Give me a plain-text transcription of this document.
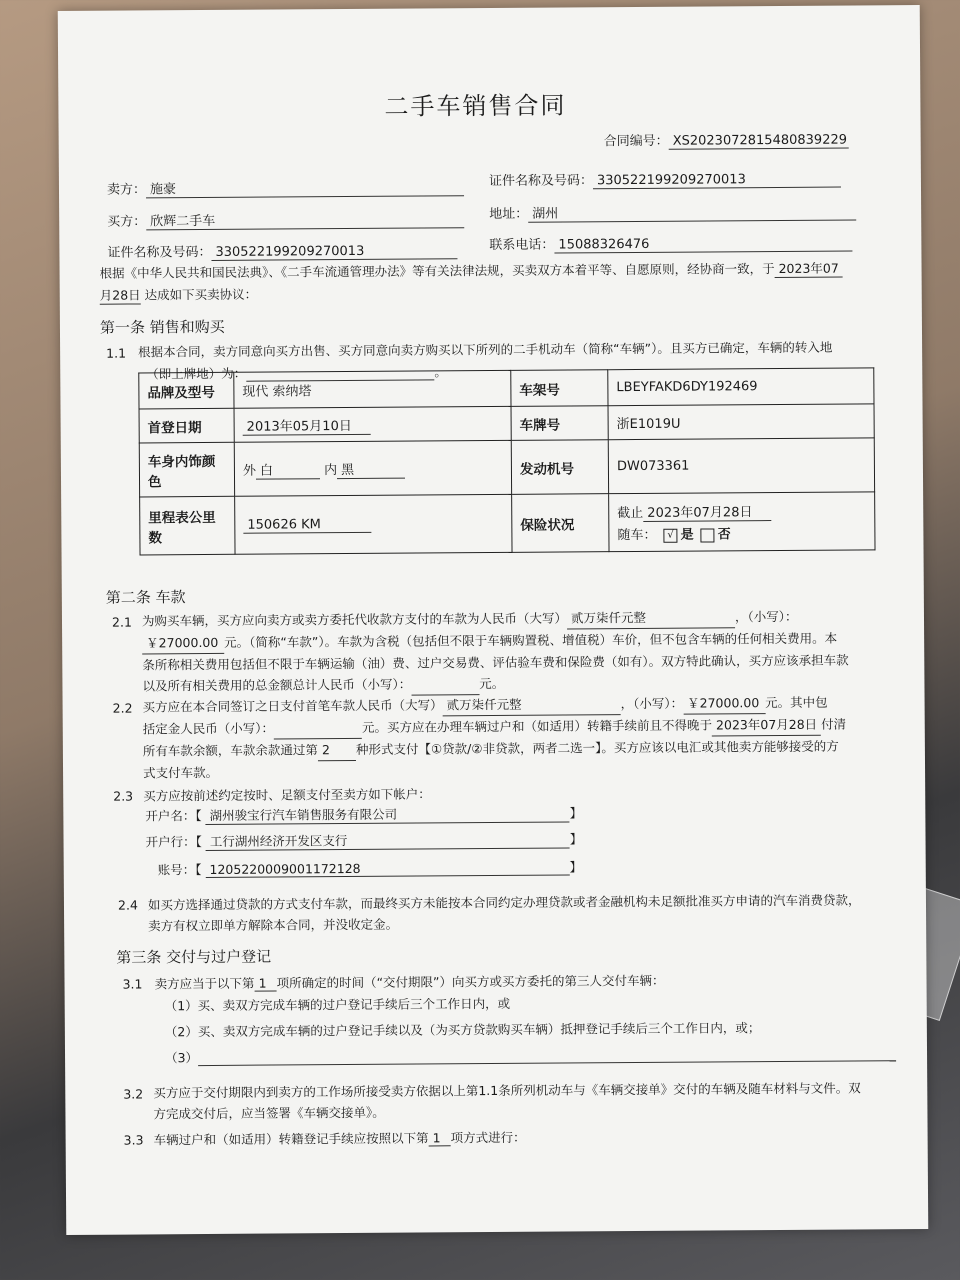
二手车销售合同
合同编号： XS2023072815480839229
卖方： 施豪
证件名称及号码： 330522199209270013
买方： 欣辉二手车	地址： 湖州
证件名称及号码： 330522199209270013	联系电话： 15088326476
根据《中华人民共和国民法典》、《二手车流通管理办法》等有关法律法规，买卖双方本着平等、自愿原则，经协商一致，于 2023年07
月28日 达成如下买卖协议：
第一条 销售和购买
1.1 根据本合同，卖方同意向买方出售、买方同意向卖方购买以下所列的二手机动车（简称“车辆”）。且买方已确定，车辆的转入地
（即上牌地）为：	。
品牌及型号	现代 索纳塔	车架号	LBEYFAKD6DY192469
首登日期	2013年05月10日	车牌号	浙E1019U
车身内饰颜色	外 白 内 黑	发动机号	DW073361
里程表公里数	150626 KM	保险状况	截止 2023年07月28日
随车： √ 是 否
第二条 车款
2.1 为购买车辆，买方应向卖方或卖方委托代收款方支付的车款为人民币（大写） 贰万柒仟元整	，（小写）：
￥27000.00 元。（简称“车款”）。车款为含税（包括但不限于车辆购置税、增值税）车价，但不包含车辆的任何相关费用。本
条所称相关费用包括但不限于车辆运输（油）费、过户交易费、评估验车费和保险费（如有）。双方特此确认，买方应该承担车款
以及所有相关费用的总金额总计人民币（小写）：	元。
2.2 买方应在本合同签订之日支付首笔车款人民币（大写） 贰万柒仟元整	，（小写）： ￥27000.00 元。其中包
括定金人民币（小写）：	元。买方应在办理车辆过户和（如适用）转籍手续前且不得晚于 2023年07月28日 付清
所有车款余额，车款余款通过第 2 种形式支付【①贷款/②非贷款，两者二选一】。买方应该以电汇或其他卖方能够接受的方
式支付车款。
2.3 买方应按前述约定按时、足额支付至卖方如下帐户：
开户名：【 湖州骏宝行汽车销售服务有限公司	】
开户行：【 工行湖州经济开发区支行	】
账号：【 1205220009001172128	】
2.4 如买方选择通过贷款的方式支付车款，而最终买方未能按本合同约定办理贷款或者金融机构未足额批准买方申请的汽车消费贷款，
卖方有权立即单方解除本合同，并没收定金。
第三条 交付与过户登记
3.1 卖方应当于以下第 1 项所确定的时间（“交付期限”）向买方或买方委托的第三人交付车辆：
（1）买、卖双方完成车辆的过户登记手续后三个工作日内，或
（2）买、卖双方完成车辆的过户登记手续以及（为买方贷款购买车辆）抵押登记手续后三个工作日内，或；
（3）
3.2 买方应于交付期限内到卖方的工作场所接受卖方依据以上第1.1条所列机动车与《车辆交接单》交付的车辆及随车材料与文件。双
方完成交付后，应当签署《车辆交接单》。
3.3 车辆过户和（如适用）转籍登记手续应按照以下第 1 项方式进行：
